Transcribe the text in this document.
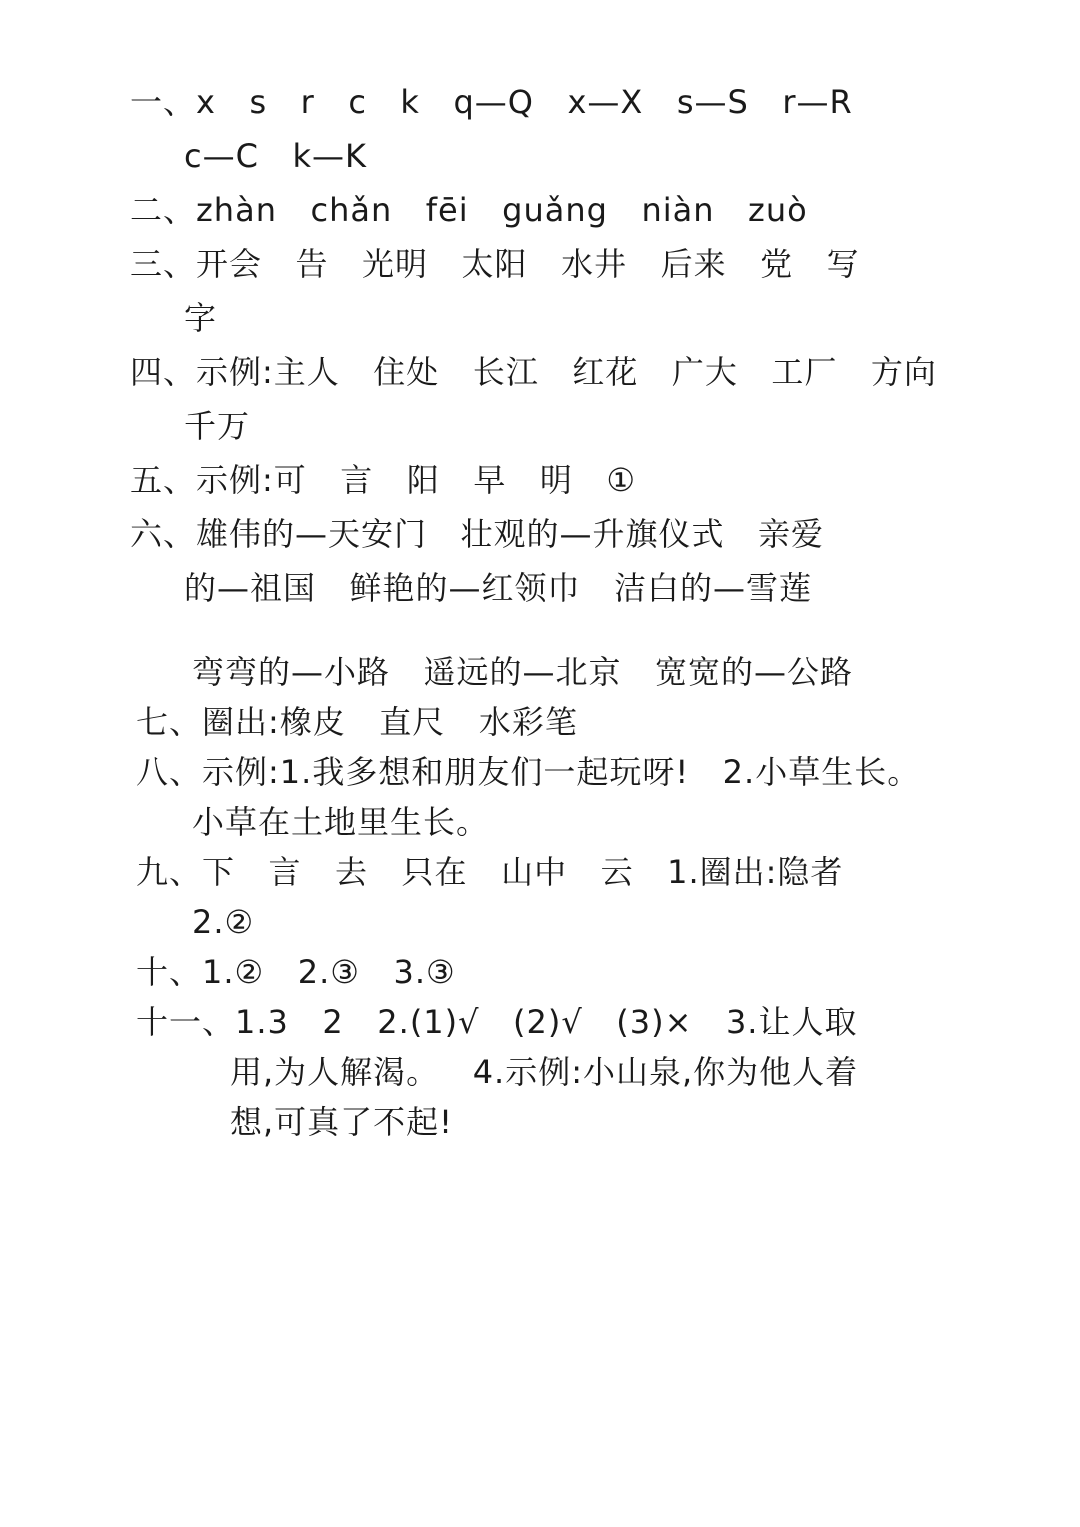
一、x   s   r   c   k   q—Q   x—X   s—S   r—R
c—C   k—K
二、zhàn   chǎn   fēi   guǎng   niàn   zuò
三、开会   告   光明   太阳   水井   后来   党   写
字
四、示例:主人   住处   长江   红花   广大   工厂   方向
千万
五、示例:可   言   阳   早   明   ①
六、雄伟的—天安门   壮观的—升旗仪式   亲爱
的—祖国   鲜艳的—红领巾   洁白的—雪莲
弯弯的—小路   遥远的—北京   宽宽的—公路
七、圈出:橡皮   直尺   水彩笔
八、示例:1.我多想和朋友们一起玩呀!   2.小草生长。
小草在土地里生长。
九、下   言   去   只在   山中   云   1.圈出:隐者
2.②
十、1.②   2.③   3.③
十一、1.3   2   2.(1)√   (2)√   (3)×   3.让人取
用,为人解渴。   4.示例:小山泉,你为他人着
想,可真了不起!
